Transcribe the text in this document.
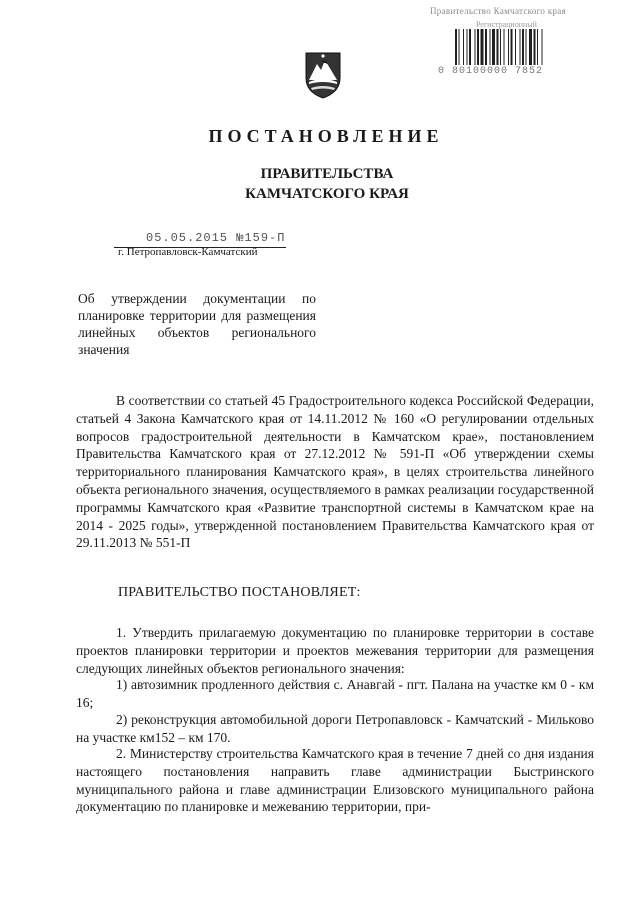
Правительство Камчатского края
Регистрационный
0 80100000 7852
ПОСТАНОВЛЕНИЕ
ПРАВИТЕЛЬСТВА
КАМЧАТСКОГО КРАЯ
05.05.2015 №159-П
г. Петропавловск-Камчатский
Об утверждении документации по планировке территории для размещения линейных объектов регионального значения

В соответствии со статьей 45 Градостроительного кодекса Российской Федерации, статьей 4 Закона Камчатского края от 14.11.2012 № 160 «О регулировании отдельных вопросов градостроительной деятельности в Камчатском крае», постановлением Правительства Камчатского края от 27.12.2012 № 591-П «Об утверждении схемы территориального планирования Камчатского края», в целях строительства линейного объекта регионального значения, осуществляемого в рамках реализации государственной программы Камчатского края «Развитие транспортной системы в Камчатском крае на 2014 - 2025 годы», утвержденной постановлением Правительства Камчатского края от 29.11.2013 № 551-П

ПРАВИТЕЛЬСТВО ПОСТАНОВЛЯЕТ:

1. Утвердить прилагаемую документацию по планировке территории в составе проектов планировки территории и проектов межевания территории для размещения следующих линейных объектов регионального значения:

1) автозимник продленного действия с. Анавгай - пгт. Палана на участке км 0 - км 16;

2) реконструкция автомобильной дороги Петропавловск - Камчатский - Мильково на участке км152 – км 170.

2. Министерству строительства Камчатского края в течение 7 дней со дня издания настоящего постановления направить главе администрации Быстринского муниципального района и главе администрации Елизовского муниципального района документацию по планировке и межеванию территории, при-
